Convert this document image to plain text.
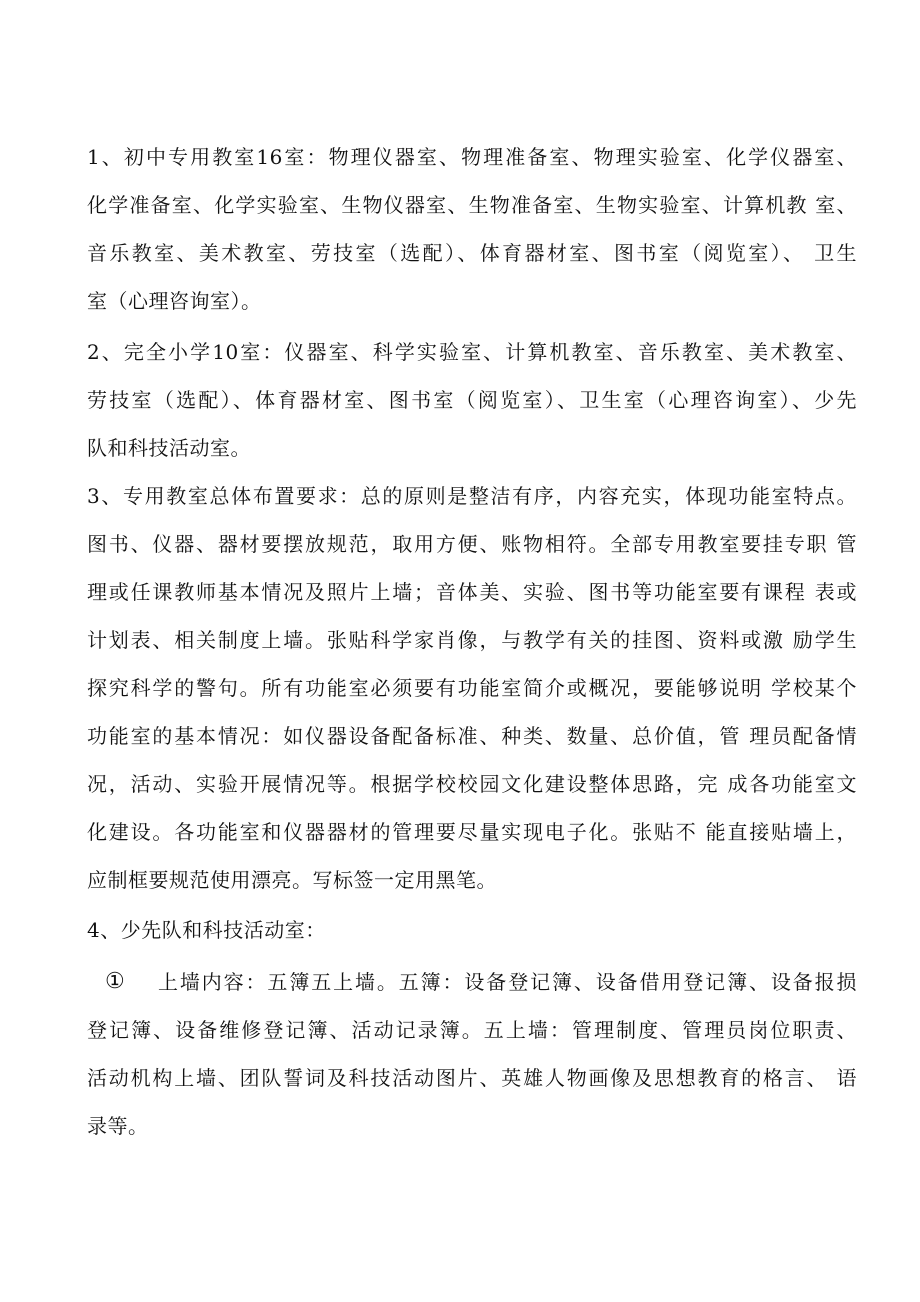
1、初中专用教室16室：物理仪器室、物理准备室、物理实验室、化学仪器室、
化学准备室、化学实验室、生物仪器室、生物准备室、生物实验室、计算机教 室、
音乐教室、美术教室、劳技室（选配）、体育器材室、图书室（阅览室）、 卫生
室（心理咨询室）。
2、完全小学10室：仪器室、科学实验室、计算机教室、音乐教室、美术教室、
劳技室（选配）、体育器材室、图书室（阅览室）、卫生室（心理咨询室）、少先
队和科技活动室。
3、专用教室总体布置要求：总的原则是整洁有序，内容充实，体现功能室特点。
图书、仪器、器材要摆放规范，取用方便、账物相符。全部专用教室要挂专职 管
理或任课教师基本情况及照片上墙；音体美、实验、图书等功能室要有课程 表或
计划表、相关制度上墙。张贴科学家肖像，与教学有关的挂图、资料或激 励学生
探究科学的警句。所有功能室必须要有功能室简介或概况，要能够说明 学校某个
功能室的基本情况：如仪器设备配备标准、种类、数量、总价值，管 理员配备情
况，活动、实验开展情况等。根据学校校园文化建设整体思路，完 成各功能室文
化建设。各功能室和仪器器材的管理要尽量实现电子化。张贴不 能直接贴墙上，
应制框要规范使用漂亮。写标签一定用黑笔。
4、少先队和科技活动室：
① 上墙内容：五簿五上墙。五簿：设备登记簿、设备借用登记簿、设备报损
登记簿、设备维修登记簿、活动记录簿。五上墙：管理制度、管理员岗位职责、
活动机构上墙、团队誓词及科技活动图片、英雄人物画像及思想教育的格言、 语
录等。
